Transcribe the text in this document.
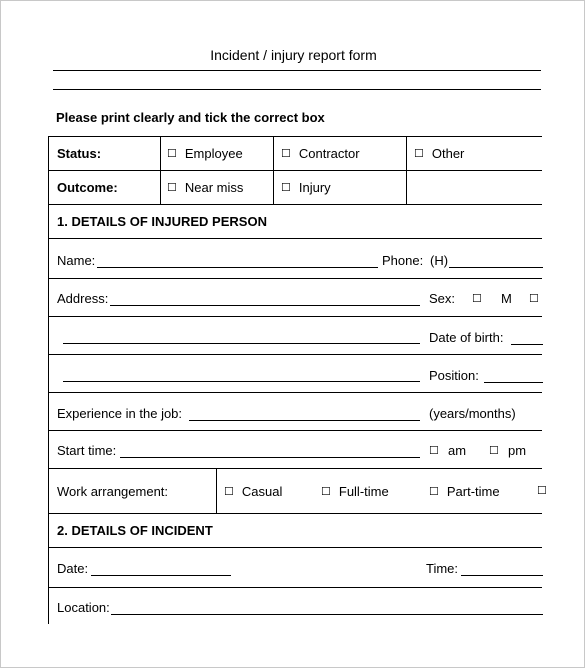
Incident / injury report form
Please print clearly and tick the correct box
Status:	☐ Employee	☐ Contractor	☐ Other
Outcome:	☐ Near miss	☐ Injury
1. DETAILS OF INJURED PERSON
Name:	Phone: (H)
Address:	Sex: ☐ M ☐
Date of birth:
Position:
Experience in the job:	(years/months)
Start time:	☐ am ☐ pm
Work arrangement:	☐ Casual	☐ Full-time	☐ Part-time	☐
2. DETAILS OF INCIDENT
Date:	Time:
Location:
